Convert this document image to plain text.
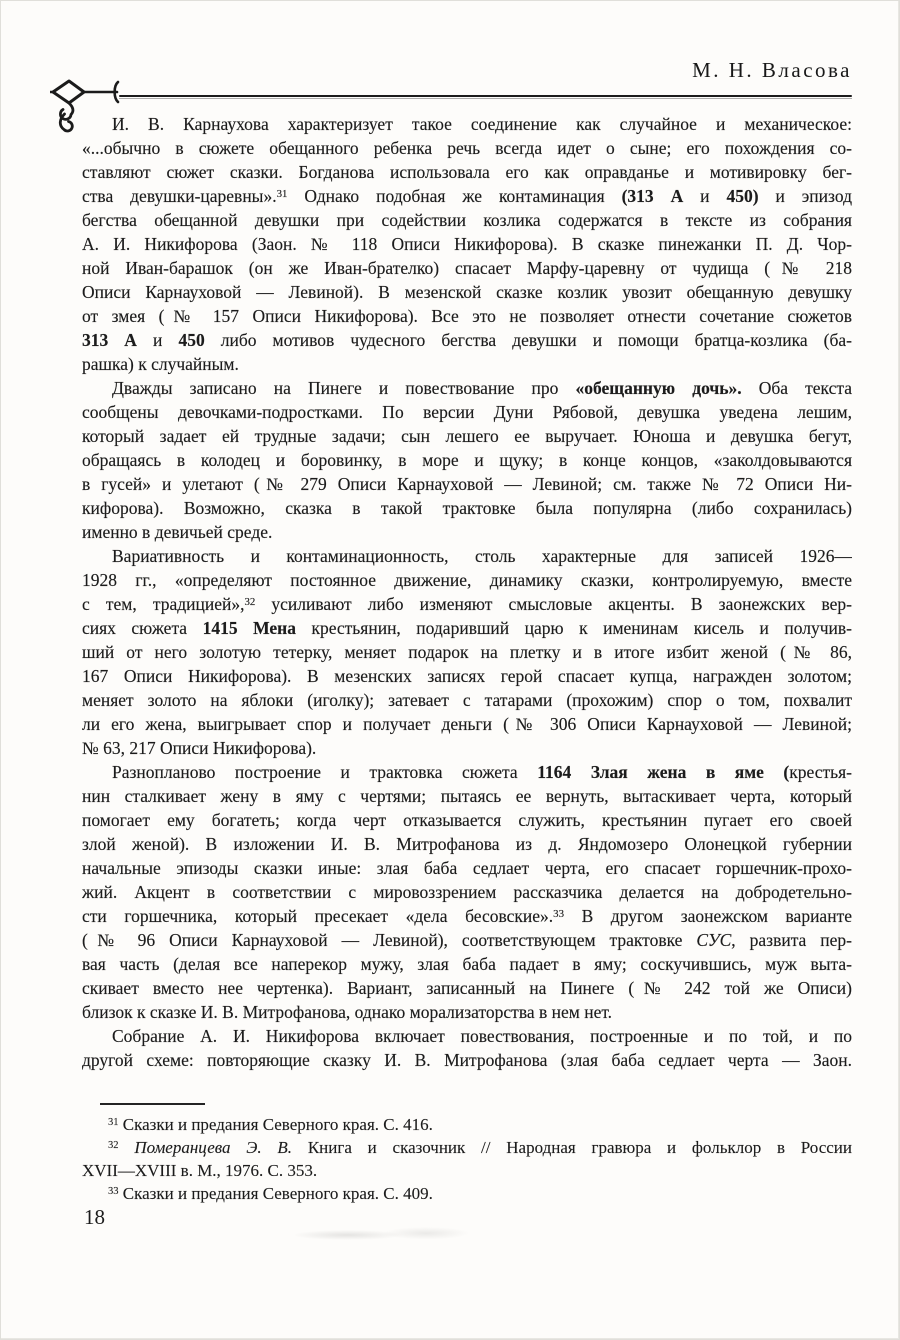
М. Н. Власова
И. В. Карнаухова характеризует такое соединение как случайное и механическое:
«...обычно в сюжете обещанного ребенка речь всегда идет о сыне; его похождения со-
ставляют сюжет сказки. Богданова использовала его как оправданье и мотивировку бег-
ства девушки-царевны».$^{31}$ Однако подобная же контаминация (313 А и 450) и эпизод
бегства обещанной девушки при содействии козлика содержатся в тексте из собрания
А. И. Никифорова (Заон. № 118 Описи Никифорова). В сказке пинежанки П. Д. Чор-
ной Иван-барашок (он же Иван-брателко) спасает Марфу-царевну от чудища (№ 218
Описи Карнауховой — Левиной). В мезенской сказке козлик увозит обещанную девушку
от змея (№ 157 Описи Никифорова). Все это не позволяет отнести сочетание сюжетов
313 А и 450 либо мотивов чудесного бегства девушки и помощи братца-козлика (ба-
рашка) к случайным.
Дважды записано на Пинеге и повествование про «обещанную дочь». Оба текста
сообщены девочками-подростками. По версии Дуни Рябовой, девушка уведена лешим,
который задает ей трудные задачи; сын лешего ее выручает. Юноша и девушка бегут,
обращаясь в колодец и боровинку, в море и щуку; в конце концов, «заколдовываются
в гусей» и улетают (№ 279 Описи Карнауховой — Левиной; см. также № 72 Описи Ни-
кифорова). Возможно, сказка в такой трактовке была популярна (либо сохранилась)
именно в девичьей среде.
Вариативность и контаминационность, столь характерные для записей 1926—
1928 гг., «определяют постоянное движение, динамику сказки, контролируемую, вместе
с тем, традицией»,$^{32}$ усиливают либо изменяют смысловые акценты. В заонежских вер-
сиях сюжета 1415 Мена крестьянин, подаривший царю к именинам кисель и получив-
ший от него золотую тетерку, меняет подарок на плетку и в итоге избит женой (№ 86,
167 Описи Никифорова). В мезенских записях герой спасает купца, награжден золотом;
меняет золото на яблоки (иголку); затевает с татарами (прохожим) спор о том, похвалит
ли его жена, выигрывает спор и получает деньги (№ 306 Описи Карнауховой — Левиной;
№ 63, 217 Описи Никифорова).
Разнопланово построение и трактовка сюжета 1164 Злая жена в яме (крестья-
нин сталкивает жену в яму с чертями; пытаясь ее вернуть, вытаскивает черта, который
помогает ему богатеть; когда черт отказывается служить, крестьянин пугает его своей
злой женой). В изложении И. В. Митрофанова из д. Яндомозеро Олонецкой губернии
начальные эпизоды сказки иные: злая баба седлает черта, его спасает горшечник-прохо-
жий. Акцент в соответствии с мировоззрением рассказчика делается на добродетельно-
сти горшечника, который пресекает «дела бесовские».$^{33}$ В другом заонежском варианте
(№ 96 Описи Карнауховой — Левиной), соответствующем трактовке СУС, развита пер-
вая часть (делая все наперекор мужу, злая баба падает в яму; соскучившись, муж выта-
скивает вместо нее чертенка). Вариант, записанный на Пинеге (№ 242 той же Описи)
близок к сказке И. В. Митрофанова, однако морализаторства в нем нет.
Собрание А. И. Никифорова включает повествования, построенные и по той, и по
другой схеме: повторяющие сказку И. В. Митрофанова (злая баба седлает черта — Заон.
$^{31}$ Сказки и предания Северного края. С. 416.
$^{32}$ Померанцева Э. В. Книга и сказочник // Народная гравюра и фольклор в России
XVII—XVIII в. М., 1976. С. 353.
$^{33}$ Сказки и предания Северного края. С. 409.
18
